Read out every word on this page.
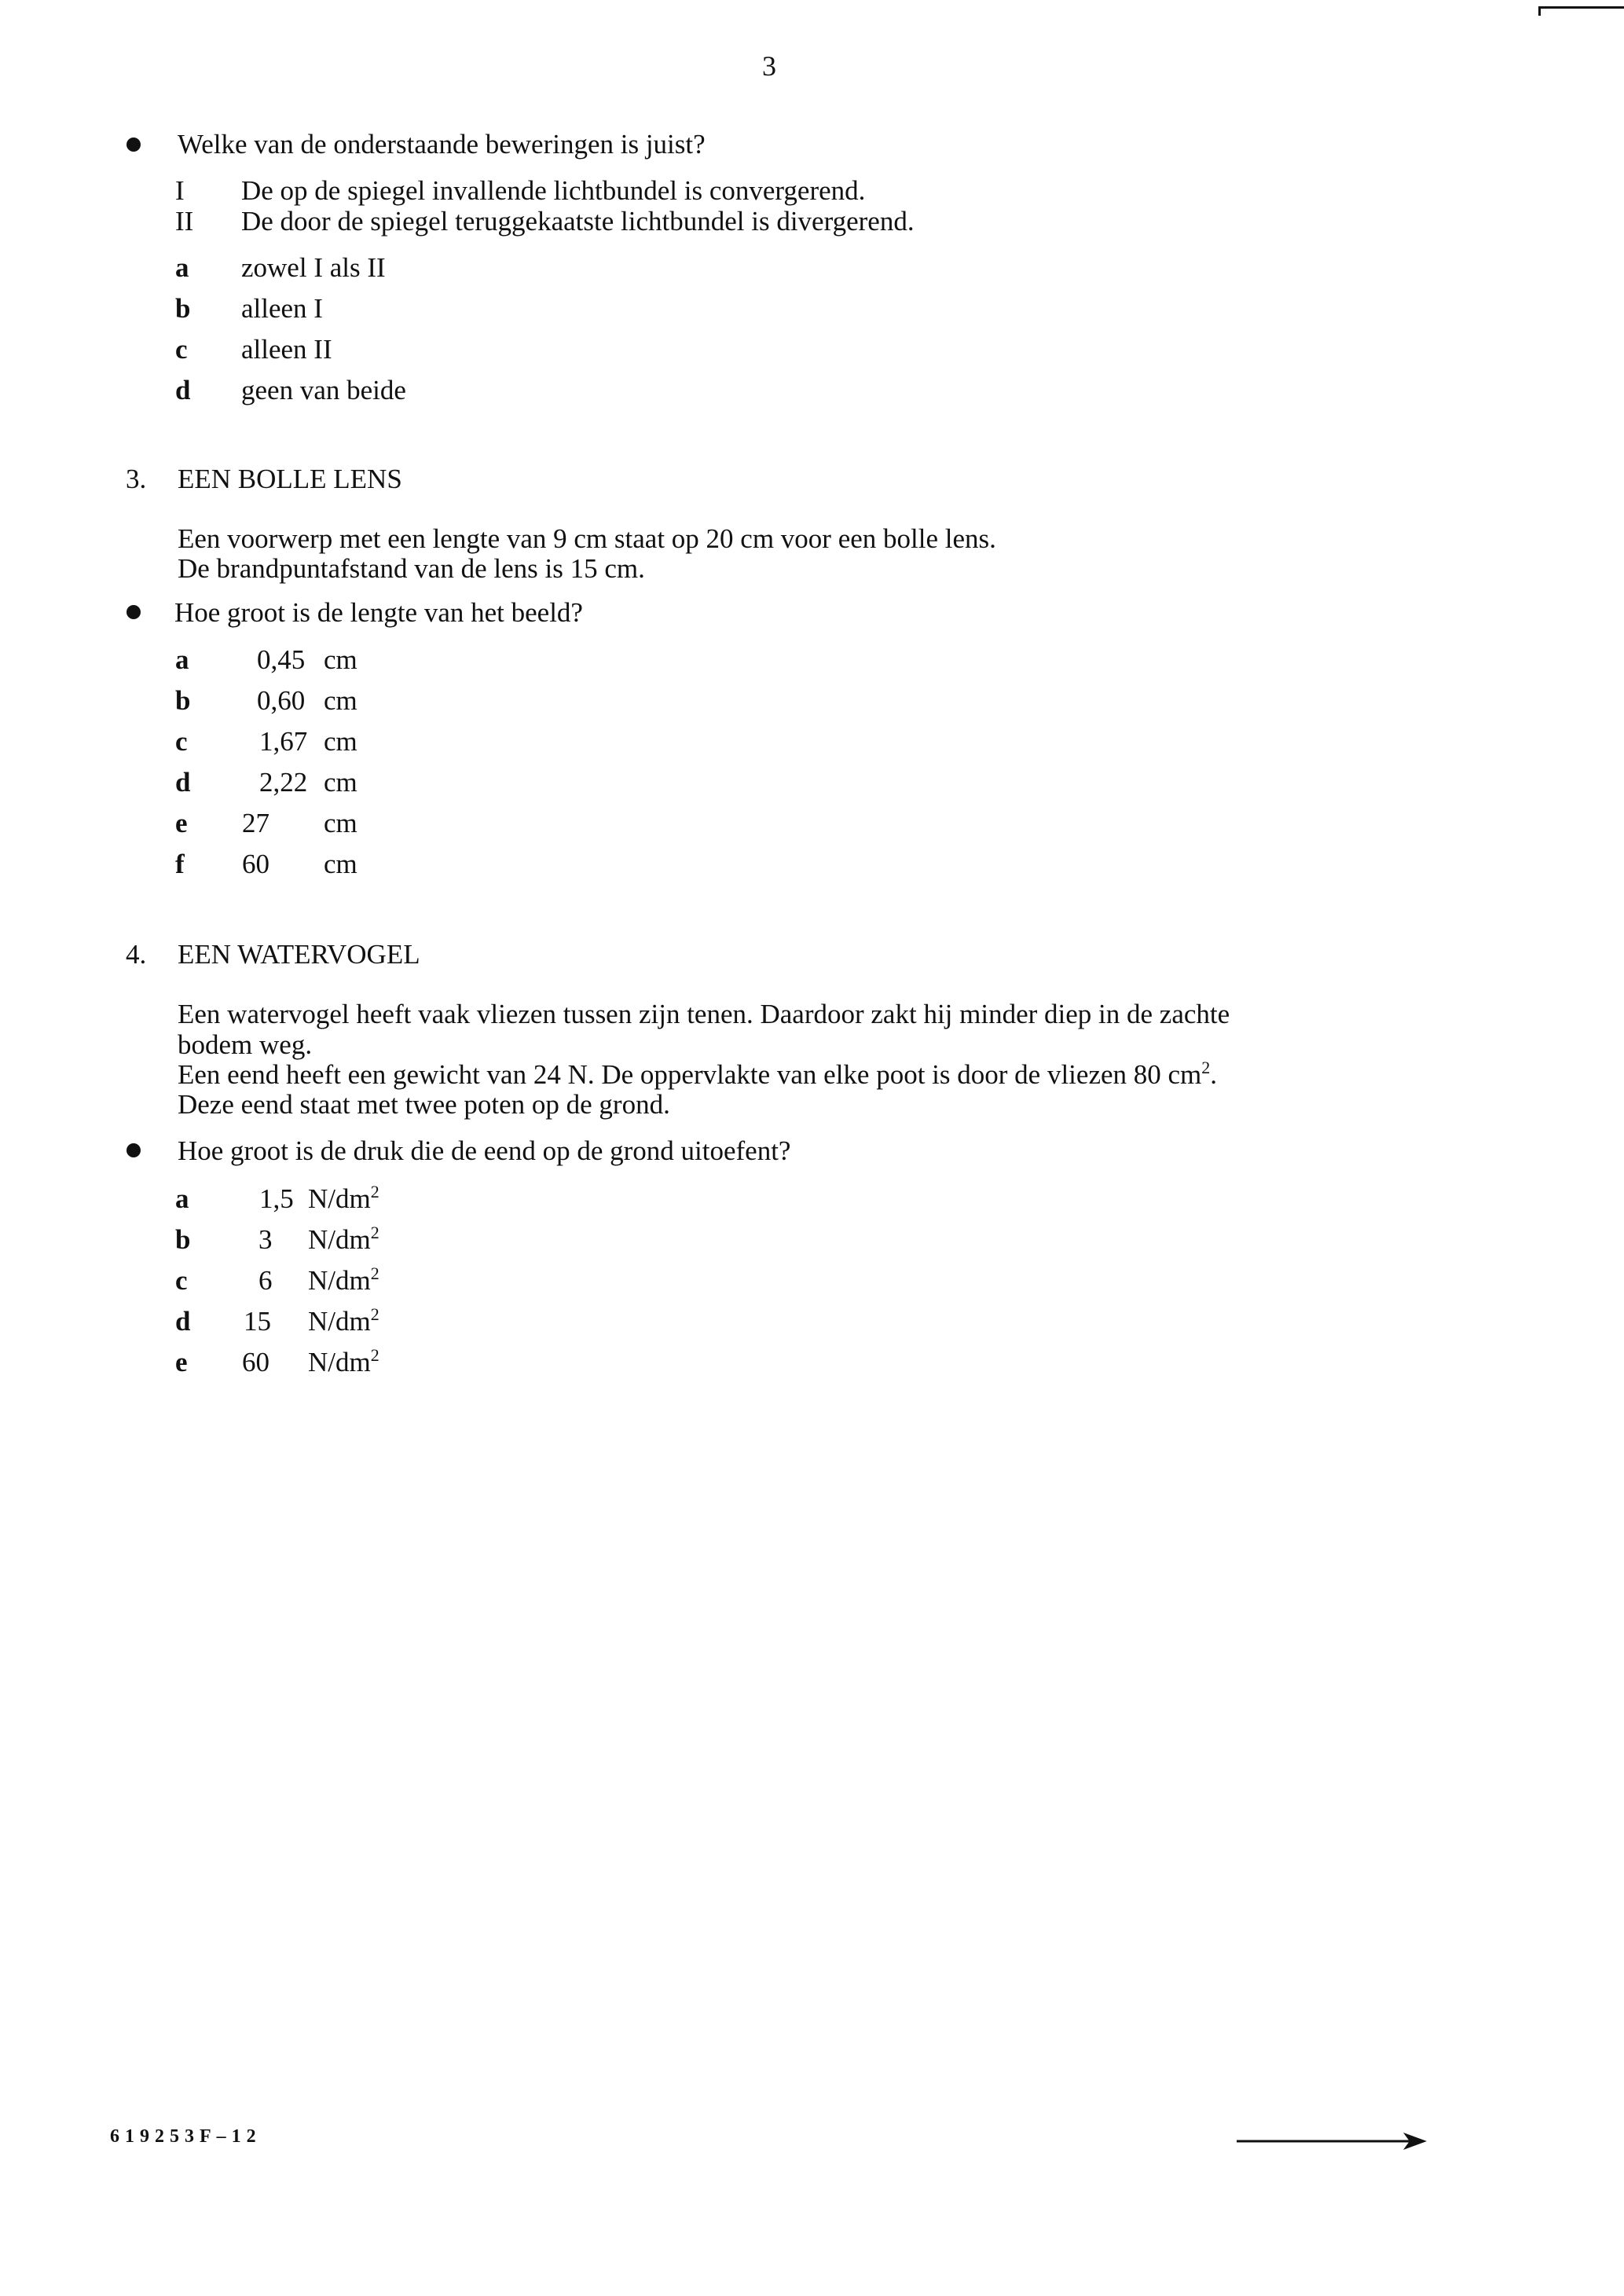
3
Welke van de onderstaande beweringen is juist?
I De op de spiegel invallende lichtbundel is convergerend.
II De door de spiegel teruggekaatste lichtbundel is divergerend.
a zowel I als II
b alleen I
c alleen II
d geen van beide
3. EEN BOLLE LENS
Een voorwerp met een lengte van 9 cm staat op 20 cm voor een bolle lens.
De brandpuntafstand van de lens is 15 cm.
Hoe groot is de lengte van het beeld?
a 0,45 cm
b 0,60 cm
c	1,67 cm
d	2,22 cm
e 27 cm
f 60 cm
4. EEN WATERVOGEL
Een watervogel heeft vaak vliezen tussen zijn tenen. Daardoor zakt hij minder diep in de zachte
bodem weg.
Een eend heeft een gewicht van 24 N. De oppervlakte van elke poot is door de vliezen 80 $cm^2$.
Deze eend staat met twee poten op de grond.
Hoe groot is de druk die de eend op de grond uitoefent?
a	1,5 $N/dm^2$
b 3 $N/dm^2$
c	6 $N/dm^2$
d 15 $N/dm^2$
e 60 $N/dm^2$
619253F–12
